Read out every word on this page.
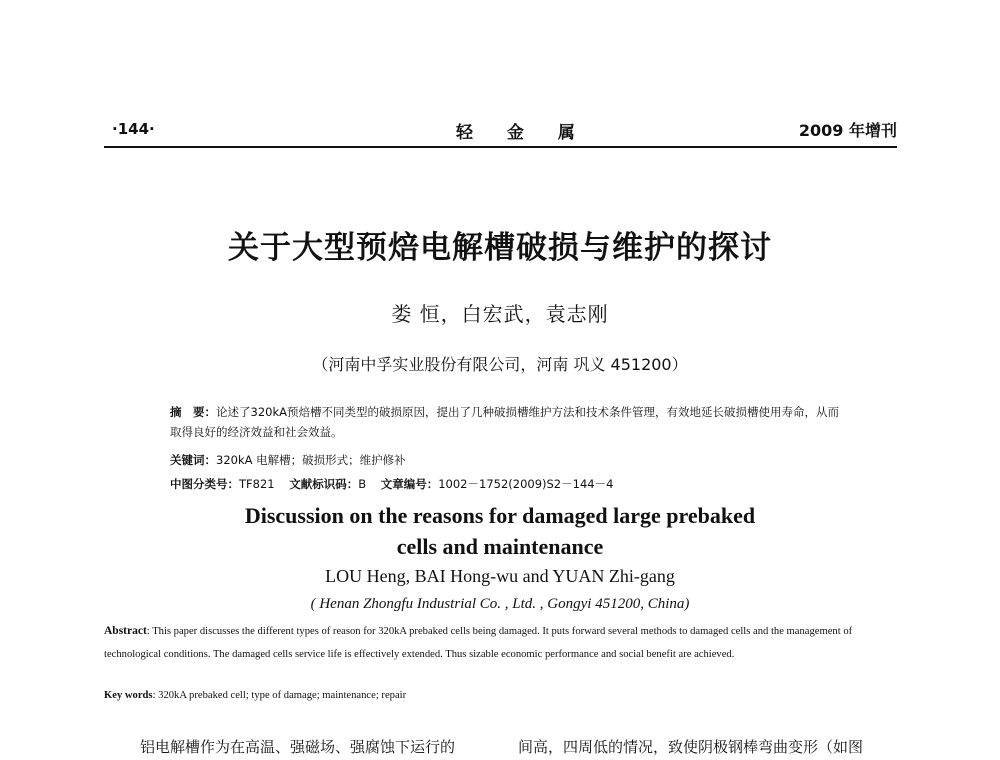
·144·	轻 金 属	2009 年增刊
关于大型预焙电解槽破损与维护的探讨
娄 恒，白宏武，袁志刚
（河南中孚实业股份有限公司，河南 巩义 451200）
摘　要：论述了320kA预焙槽不同类型的破损原因，提出了几种破损槽维护方法和技术条件管理，有效地延长破损槽使用寿命，从而取得良好的经济效益和社会效益。
关键词：320kA 电解槽；破损形式；维护修补
中图分类号：TF821 文献标识码：B 文章编号：1002－1752(2009)S2－144－4
Discussion on the reasons for damaged large prebaked
cells and maintenance
LOU Heng, BAI Hong-wu and YUAN Zhi-gang
( Henan Zhongfu Industrial Co. , Ltd. , Gongyi 451200, China)
Abstract: This paper discusses the different types of reason for 320kA prebaked cells being damaged. It puts forward several methods to damaged cells and the management of technological conditions. The damaged cells service life is effectively extended. Thus sizable economic performance and social benefit are achieved.
Key words: 320kA prebaked cell; type of damage; maintenance; repair
铝电解槽作为在高温、强磁场、强腐蚀下运行的	间高，四周低的情况，致使阴极钢棒弯曲变形（如图
